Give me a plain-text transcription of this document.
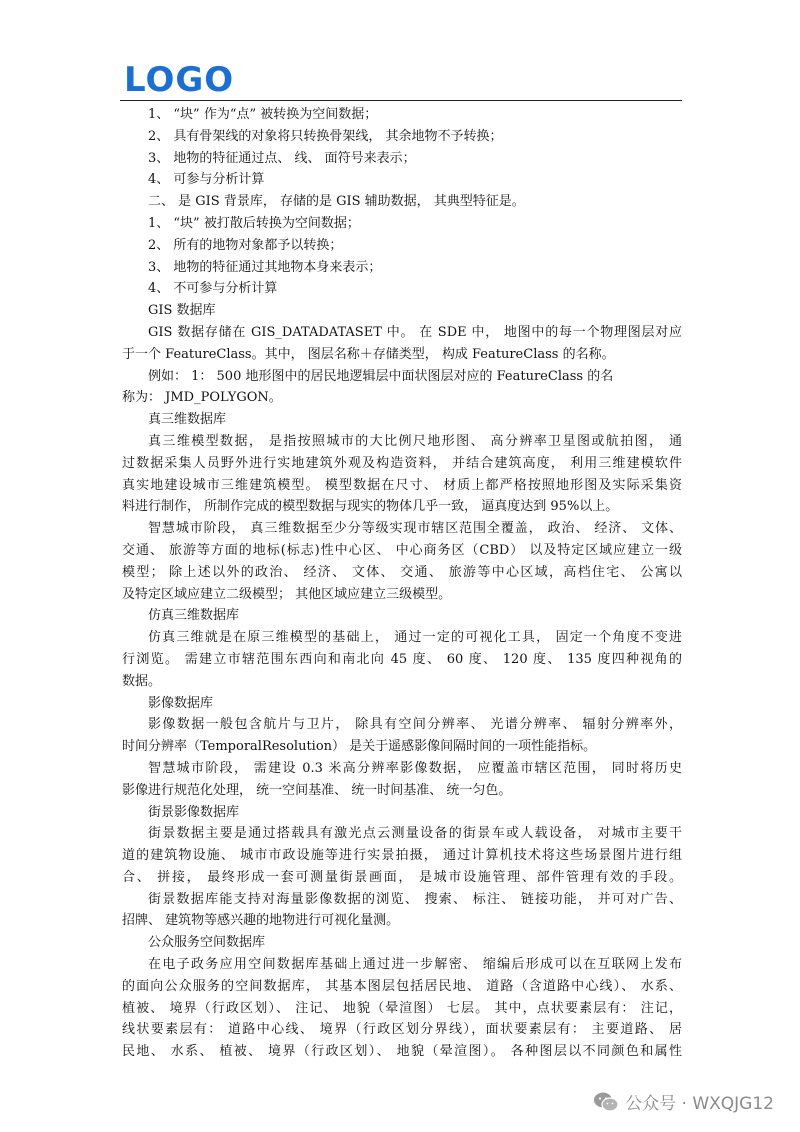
LOGO
1、 “块” 作为“点” 被转换为空间数据；
2、 具有骨架线的对象将只转换骨架线， 其余地物不予转换；
3、 地物的特征通过点、 线、 面符号来表示；
4、 可参与分析计算
二、 是 GIS 背景库， 存储的是 GIS 辅助数据， 其典型特征是。
1、 “块” 被打散后转换为空间数据；
2、 所有的地物对象都予以转换；
3、 地物的特征通过其地物本身来表示；
4、 不可参与分析计算
GIS 数据库
GIS 数据存储在 GIS_DATADATASET 中。 在 SDE 中， 地图中的每一个物理图层对应
于一个 FeatureClass。其中， 图层名称＋存储类型， 构成 FeatureClass 的名称。
例如： 1： 500 地形图中的居民地逻辑层中面状图层对应的 FeatureClass 的名
称为： JMD_POLYGON。
真三维数据库
真三维模型数据， 是指按照城市的大比例尺地形图、 高分辨率卫星图或航拍图， 通
过数据采集人员野外进行实地建筑外观及构造资料， 并结合建筑高度， 利用三维建模软件
真实地建设城市三维建筑模型。 模型数据在尺寸、 材质上都严格按照地形图及实际采集资
料进行制作， 所制作完成的模型数据与现实的物体几乎一致， 逼真度达到 95%以上。
智慧城市阶段， 真三维数据至少分等级实现市辖区范围全覆盖， 政治、 经济、 文体、
交通、 旅游等方面的地标(标志)性中心区、 中心商务区（CBD） 以及特定区域应建立一级
模型； 除上述以外的政治、 经济、 文体、 交通、 旅游等中心区域，高档住宅、 公寓以
及特定区域应建立二级模型； 其他区域应建立三级模型。
仿真三维数据库
仿真三维就是在原三维模型的基础上， 通过一定的可视化工具， 固定一个角度不变进
行浏览。 需建立市辖范围东西向和南北向 45 度、 60 度、 120 度、 135 度四种视角的
数据。
影像数据库
影像数据一般包含航片与卫片， 除具有空间分辨率、 光谱分辨率、 辐射分辨率外，
时间分辨率（TemporalResolution） 是关于遥感影像间隔时间的一项性能指标。
智慧城市阶段， 需建设 0.3 米高分辨率影像数据， 应覆盖市辖区范围， 同时将历史
影像进行规范化处理， 统一空间基准、 统一时间基准、 统一匀色。
街景影像数据库
街景数据主要是通过搭载具有激光点云测量设备的街景车或人载设备， 对城市主要干
道的建筑物设施、 城市市政设施等进行实景拍摄， 通过计算机技术将这些场景图片进行组
合、 拼接， 最终形成一套可测量街景画面， 是城市设施管理、部件管理有效的手段。
街景数据库能支持对海量影像数据的浏览、 搜索、 标注、 链接功能， 并可对广告、
招牌、 建筑物等感兴趣的地物进行可视化量测。
公众服务空间数据库
在电子政务应用空间数据库基础上通过进一步解密、 缩编后形成可以在互联网上发布
的面向公众服务的空间数据库， 其基本图层包括居民地、 道路（含道路中心线）、 水系、
植被、 境界（行政区划）、 注记、 地貌（晕渲图） 七层。 其中，点状要素层有： 注记，
线状要素层有： 道路中心线、 境界（行政区划分界线），面状要素层有： 主要道路、 居
民地、 水系、 植被、 境界（行政区划）、 地貌（晕渲图）。 各种图层以不同颜色和属性
公众号 · WXQJG12
